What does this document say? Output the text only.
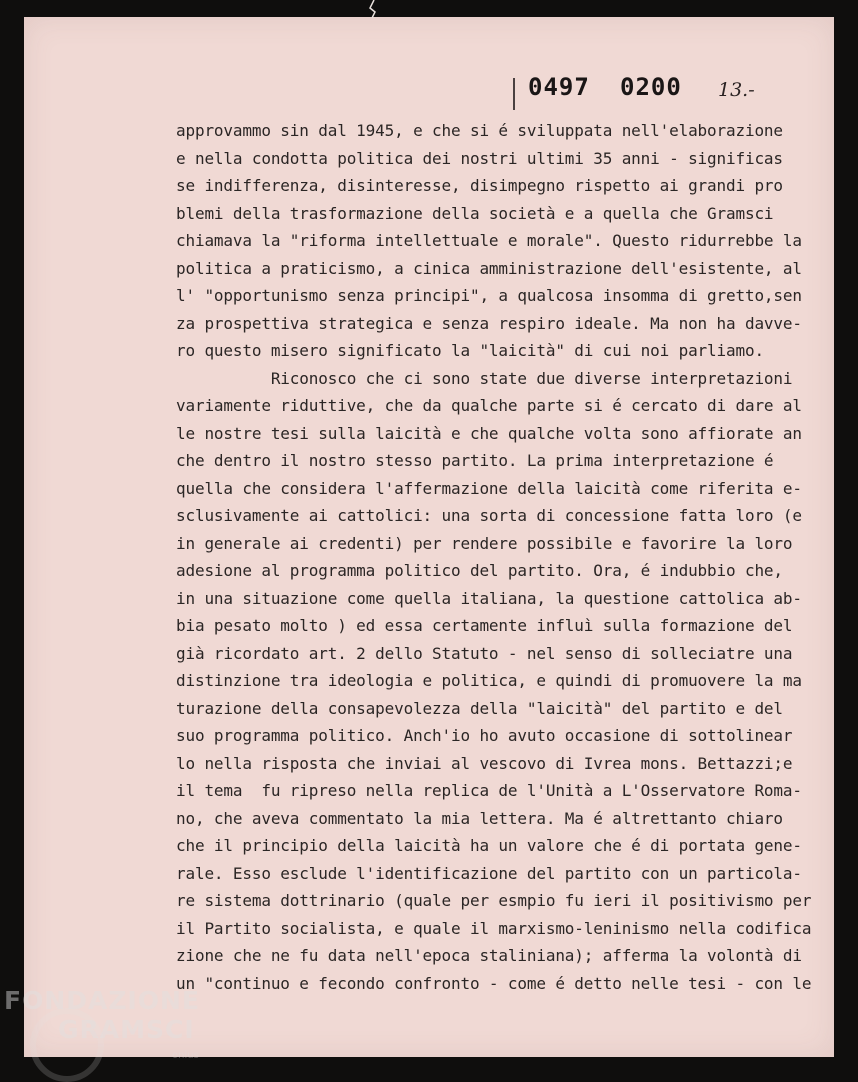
0497 0200 13.-
approvammo sin dal 1945, e che si é sviluppata nell'elaborazione
e nella condotta politica dei nostri ultimi 35 anni - significas
se indifferenza, disinteresse, disimpegno rispetto ai grandi pro
blemi della trasformazione della società e a quella che Gramsci
chiamava la "riforma intellettuale e morale". Questo ridurrebbe la
politica a praticismo, a cinica amministrazione dell'esistente, al
l' "opportunismo senza principi", a qualcosa insomma di gretto,sen
za prospettiva strategica e senza respiro ideale. Ma non ha davve-
ro questo misero significato la "laicità" di cui noi parliamo.
Riconosco che ci sono state due diverse interpretazioni
variamente riduttive, che da qualche parte si é cercato di dare al
le nostre tesi sulla laicità e che qualche volta sono affiorate an
che dentro il nostro stesso partito. La prima interpretazione é
quella che considera l'affermazione della laicità come riferita e-
sclusivamente ai cattolici: una sorta di concessione fatta loro (e
in generale ai credenti) per rendere possibile e favorire la loro
adesione al programma politico del partito. Ora, é indubbio che,
in una situazione come quella italiana, la questione cattolica ab-
bia pesato molto ) ed essa certamente influì sulla formazione del
già ricordato art. 2 dello Statuto - nel senso di solleciatre una
distinzione tra ideologia e politica, e quindi di promuovere la ma
turazione della consapevolezza della "laicità" del partito e del
suo programma politico. Anch'io ho avuto occasione di sottolinear
lo nella risposta che inviai al vescovo di Ivrea mons. Bettazzi;e
il tema  fu ripreso nella replica de l'Unità a L'Osservatore Roma-
no, che aveva commentato la mia lettera. Ma é altrettanto chiaro
che il principio della laicità ha un valore che é di portata gene-
rale. Esso esclude l'identificazione del partito con un particola-
re sistema dottrinario (quale per esmpio fu ieri il positivismo per
il Partito socialista, e quale il marxismo-leninismo nella codifica
zione che ne fu data nell'epoca staliniana); afferma la volontà di
un "continuo e fecondo confronto - come é detto nelle tesi - con le
FONDAZIONE
GRAMSCI
onlus
